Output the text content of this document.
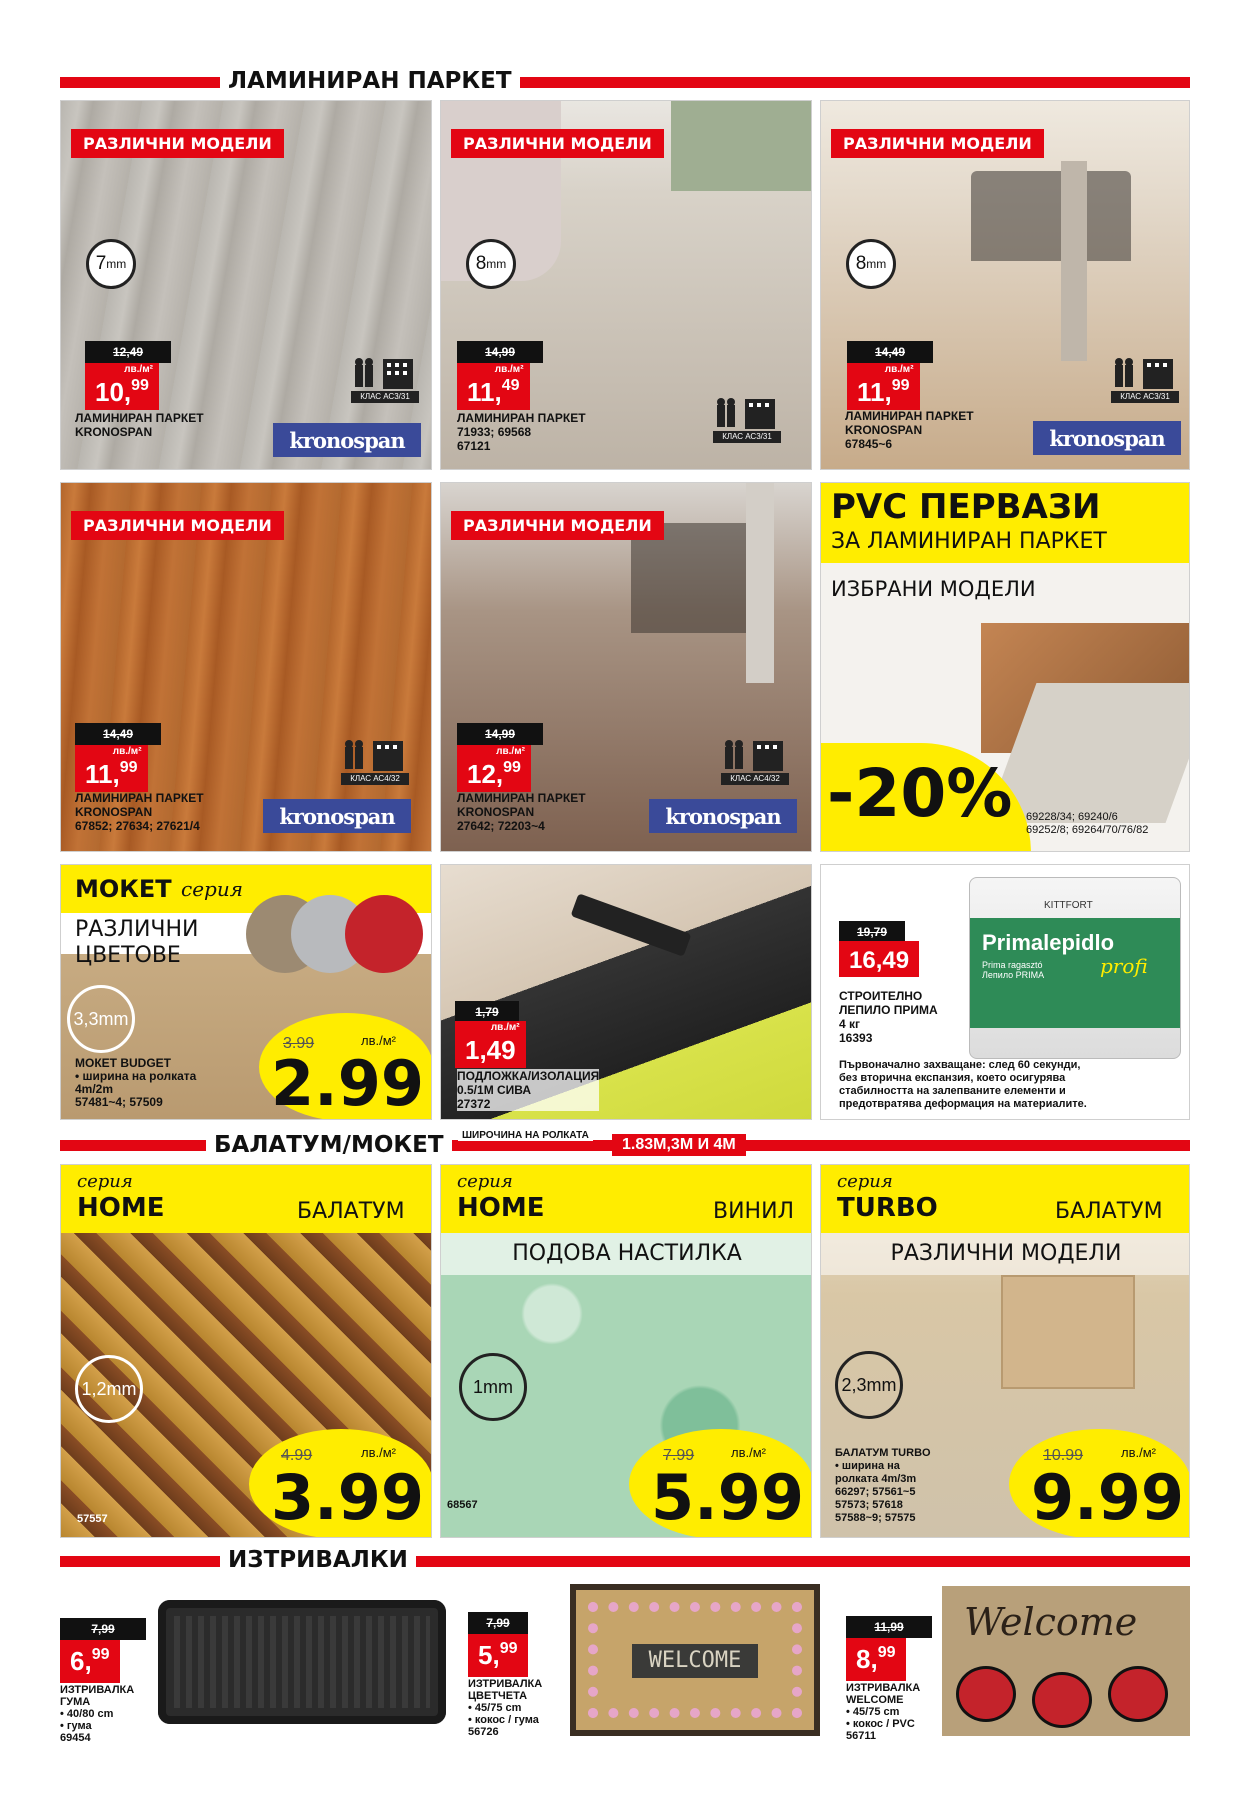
ЛАМИНИРАН ПАРКЕТ
РАЗЛИЧНИ МОДЕЛИ
7 mm
12,49
лв./м²
10,99
ЛАМИНИРАН ПАРКЕТ
KRONOSPAN
КЛАС АС3/31
kronospan
РАЗЛИЧНИ МОДЕЛИ
8 mm
14,99
лв./м²
11,49
ЛАМИНИРАН ПАРКЕТ
71933; 69568
67121
КЛАС АС3/31
РАЗЛИЧНИ МОДЕЛИ
8 mm
14,49
лв./м²
11,99
ЛАМИНИРАН ПАРКЕТ
KRONOSPAN
67845~6
КЛАС АС3/31
kronospan
РАЗЛИЧНИ МОДЕЛИ
14,49
лв./м²
11,99
ЛАМИНИРАН ПАРКЕТ
KRONOSPAN
67852; 27634; 27621/4
КЛАС АС4/32
kronospan
РАЗЛИЧНИ МОДЕЛИ
14,99
лв./м²
12,99
ЛАМИНИРАН ПАРКЕТ
KRONOSPAN
27642; 72203~4
КЛАС АС4/32
kronospan
PVC ПЕРВАЗИ
ЗА ЛАМИНИРАН ПАРКЕТ
ИЗБРАНИ МОДЕЛИ
-20% 69228/34; 69240/6
69252/8; 69264/70/76/82
МОКЕТ серия
РАЗЛИЧНИ
ЦВЕТОВЕ
3,3mm
МОКЕТ BUDGET
• ширина на ролката
4m/2m
57481~4; 57509
3.99	лв./м²
2.99
1,79
лв./м²
1,49
ПОДЛОЖКА/ИЗОЛАЦИЯ
0.5/1М СИВА
27372
KITTFORT
Primalepidlo
profi
Prima ragasztó
Лепило PRIMA
19,79
16,49
СТРОИТЕЛНО
ЛЕПИЛО ПРИМА
4 кг
16393
Първоначално захващане: след 60 секунди,
без вторична експанзия, което осигурява
стабилността на залепваните елементи и
предотвратява деформация на материалите.
БАЛАТУМ/МОКЕТ	ШИРОЧИНА НА РОЛКАТА
1.83М,3М И 4М
серия
HOME	БАЛАТУМ
1,2mm
57557
4.99	лв./м²
3.99
серия
HOME	ВИНИЛ
ПОДОВА НАСТИЛКА
1mm
68567
7.99	лв./м²
5.99
серия
TURBO	БАЛАТУМ
РАЗЛИЧНИ МОДЕЛИ
2,3mm
БАЛАТУМ TURBO
• ширина на
ролката 4m/3m
66297; 57561~5
57573; 57618
57588~9; 57575
10.99	лв./м²
9.99
ИЗТРИВАЛКИ
7,99
6,99
ИЗТРИВАЛКА
ГУМА
• 40/80 cm
• гума
69454
7,99
5,99
ИЗТРИВАЛКА
ЦВЕТЧЕТА
• 45/75 cm
• кокос / гума
56726
WELCOME
11,99
8,99
ИЗТРИВАЛКА
WELCOME
• 45/75 cm
• кокос / PVC
56711
Welcome
